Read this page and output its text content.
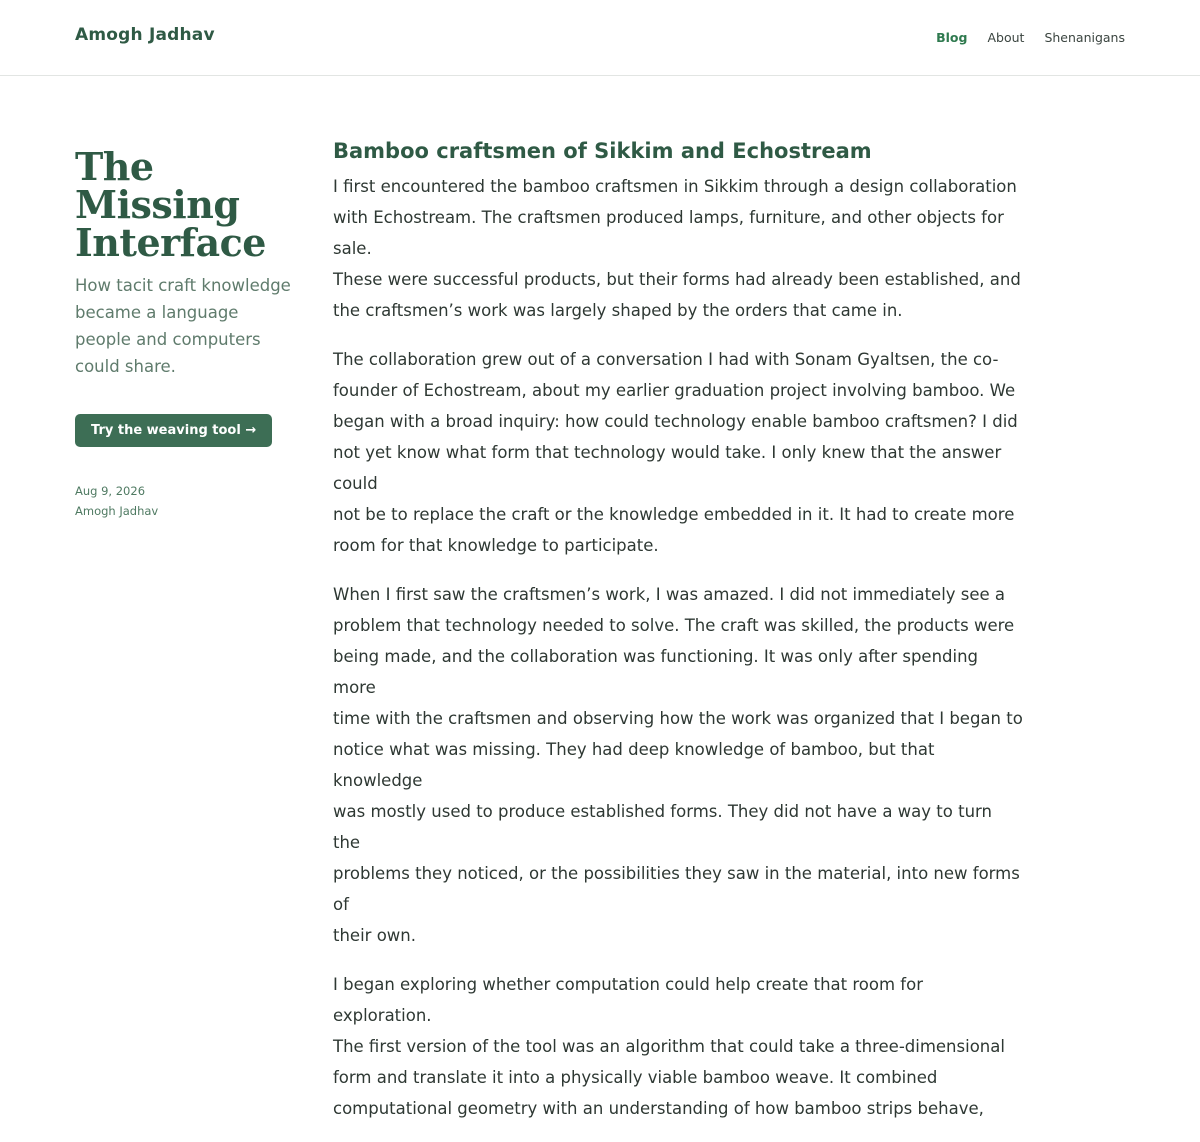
Amogh Jadhav	Blog About Shenanigans
The
Missing
Interface

How tacit craft knowledge
became a language
people and computers
could share.

Try the weaving tool →
Aug 9, 2026
Amogh Jadhav
Bamboo craftsmen of Sikkim and Echostream

I first encountered the bamboo craftsmen in Sikkim through a design collaboration
with Echostream. The craftsmen produced lamps, furniture, and other objects for sale.
These were successful products, but their forms had already been established, and
the craftsmen’s work was largely shaped by the orders that came in.

The collaboration grew out of a conversation I had with Sonam Gyaltsen, the co-
founder of Echostream, about my earlier graduation project involving bamboo. We
began with a broad inquiry: how could technology enable bamboo craftsmen? I did
not yet know what form that technology would take. I only knew that the answer could
not be to replace the craft or the knowledge embedded in it. It had to create more
room for that knowledge to participate.

When I first saw the craftsmen’s work, I was amazed. I did not immediately see a
problem that technology needed to solve. The craft was skilled, the products were
being made, and the collaboration was functioning. It was only after spending more
time with the craftsmen and observing how the work was organized that I began to
notice what was missing. They had deep knowledge of bamboo, but that knowledge
was mostly used to produce established forms. They did not have a way to turn the
problems they noticed, or the possibilities they saw in the material, into new forms of
their own.

I began exploring whether computation could help create that room for exploration.
The first version of the tool was an algorithm that could take a three-dimensional
form and translate it into a physically viable bamboo weave. It combined
computational geometry with an understanding of how bamboo strips behave,
